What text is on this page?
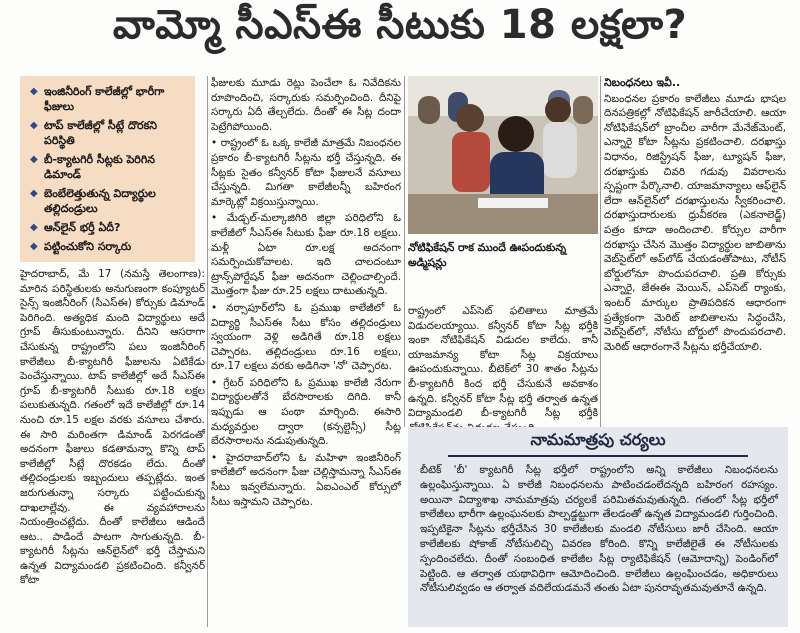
వామ్మో సీఎస్ఈ సీటుకు 18 లక్షలా?
◆ ఇంజినీరింగ్ కాలేజీల్లో భారీగా ఫీజులు
◆ టాప్ కాలేజీల్లో సీట్లే దొరకని పరిస్థితి
◆ బీ-క్యాటగిరీ సీట్లకు పెరిగిన డిమాండ్
◆ బెంబేలెత్తుతున్న విద్యార్థుల తల్లిదండ్రులు
◆ ఆన్‌లైన్ భర్తీ ఏదీ?
◆ పట్టించుకోని సర్కారు

హైదరాబాద్, మే 17 (నమస్తే తెలంగాణ): మారిన పరిస్థితులకు అనుగుణంగా కంప్యూటర్ సైన్స్ ఇంజినీరింగ్ (సీఎస్ఈ) కోర్సుకు డిమాండ్ పెరిగింది. అత్యధిక మంది విద్యార్థులు అదే గ్రూప్ తీసుకుంటున్నారు. దీనిని ఆసరాగా చేసుకున్న రాష్ట్రంలోని పలు ఇంజినీరింగ్ కాలేజీలు బీ-క్యాటగిరీ ఫీజులను ఏటికేడు పెంచేస్తున్నాయి. టాప్ కాలేజీల్లో అదే సీఎస్ఈ గ్రూప్ బీ-క్యాటగిరీ సీటుకు రూ.18 లక్షల పలుకుతున్నది. గతంలో ఇదే కాలేజీల్లో రూ.14 నుంచి రూ.15 లక్షల వరకు వసూలు చేశారు. ఈ సారి మరింతగా డిమాండ్ పెరగడంతో అదనంగా ఫీజులు కడతామన్నా కొన్ని టాప్ కాలేజీల్లో సీట్లే దొరకడం లేదు. దీంతో తల్లిదండ్రులకు ఇబ్బందులు తప్పట్లేదు. ఇంత జరుగుతున్నా సర్కారు పట్టించుకున్న దాఖలాల్లేవు. ఈ వ్యవహారాలను నియంత్రించట్లేదు. దీంతో కాలేజీలు ఆడిందే ఆట.. పాడిందే పాటగా సాగుతున్నది. బీ-క్యాటగిరీ సీట్లను ఆన్‌లైన్‌లో భర్తీ చేస్తామని ఉన్నత విద్యామండలి ప్రకటించింది. కన్వీనర్ కోటా

ఫీజులకు మూడు రెట్లు పెంచేలా ఓ నివేదికను రూపొందించి, సర్కారుకు సమర్పించింది. దీనిపై సర్కారు ఏదీ తేల్చలేదు. దీంతో ఈ సీట్ల దందా పెట్రేగిపోయింది.

• రాష్ట్రంలో ఓ ఒక్క కాలేజీ మాత్రమే నిబంధనల ప్రకారం బీ-క్యాటగిరీ సీట్లను భర్తీ చేస్తున్నది. ఈ సీట్లకు సైతం కన్వీనర్ కోటా ఫీజులనే వసూలు చేస్తున్నది. మిగతా కాలేజీలన్నీ బహిరంగ మార్కెట్లో విక్రయిస్తున్నాయి.

• మేడ్చల్-మల్కాజిగిరి జిల్లా పరిధిలోని ఓ కాలేజీలో సీఎస్ఈ సీటుకు ఫీజు రూ.18 లక్షలు. మళ్లీ ఏటా రూ.లక్ష అదనంగా సమర్పించుకోవాలట. ఇది చాలదంటూ ట్రాన్స్‌పోర్టేషన్ ఫీజు అదనంగా చెల్లించాల్సిందే. మొత్తంగా ఫీజు రూ.25 లక్షలు దాటుతున్నది.

• నర్సాపూర్‌లోని ఓ ప్రముఖ కాలేజీలో ఓ విద్యార్థి సీఎస్ఈ సీటు కోసం తల్లిదండ్రులు స్వయంగా వెళ్లి అడిగితే రూ.18 లక్షలు చెప్పారట. తల్లిదండ్రులు రూ.16 లక్షలు, రూ.17 లక్షలు వరకు అడిగినా 'నో' చెప్పారట.

• గ్రేటర్ పరిధిలోని ఓ ప్రముఖ కాలేజీ నేరుగా విద్యార్థులతోనే బేరసారాలకు దిగిది. కానీ ఇప్పుడు ఆ పంథా మార్చింది. ఈసారి మధ్యవర్తుల ద్వారా (కన్సల్టెన్సీ) సీట్ల బేరసారాలను నడుపుతున్నది.

• హైదరాబాద్‌లోని ఓ మహిళా ఇంజినీరింగ్ కాలేజీలో అదనంగా ఫీజు చెల్లిస్తామన్నా సీఎస్ఈ సీటు ఇవ్వలేమన్నారు. ఏఐఎంఎల్ కోర్సులో సీటు ఇస్తామని చెప్పారట.

నోటిఫికేషన్ రాక ముందే ఊపందుకున్న అడ్మిషన్లు

రాష్ట్రంలో ఎప్‌సెట్ ఫలితాలు మాత్రమే విడుదలయ్యాయి. కన్వీనర్ కోటా సీట్ల భర్తీకి ఇంకా నోటిఫికేషన్ విడుదల కాలేదు. కానీ యాజమాన్య కోటా సీట్ల విక్రయాలు ఊపందుకున్నాయి. బీటెక్‌లో 30 శాతం సీట్లను బీ-క్యాటగిరీ కింద భర్తీ చేసుకునే అవకాశం ఉన్నది. కన్వీనర్ కోటా సీట్ల భర్తీ తర్వాత ఉన్నత విద్యామండలి బీ-క్యాటగిరీ సీట్ల భర్తీకి

నిబంధనలు ఇవీ..

నిబంధనల ప్రకారం కాలేజీలు మూడు భాషల దినపత్రికల్లో నోటిఫికేషన్ జారీచేయాలి. ఆయా నోటిఫికేషన్‌లో బ్రాంచీల వారీగా మేనేజ్‌మెంట్, ఎన్నారై కోటా సీట్లను ప్రకటించాలి. దరఖాస్తు విధానం, రిజిస్ట్రేషన్ ఫీజు, ట్యూషన్ ఫీజు, దరఖాస్తుకు చివరి గడువు వివరాలను స్పష్టంగా పేర్కొనాలి. యాజమాన్యాలు ఆఫ్‌లైన్ లేదా ఆన్‌లైన్‌లో దరఖాస్తులను స్వీకరించాలి. దరఖాస్తుదారులకు ధ్రువీకరణ (ఎకనాలెడ్జ్) పత్రం కూడా అందించాలి. కోర్సుల వారీగా దరఖాస్తు చేసిన మొత్తం విద్యార్థుల జాబితాను వెబ్‌సైట్‌లో అప్‌లోడ్ చేయడంతోపాటు, నోటీస్ బోర్డులోనూ పొందుపరచాలి. ప్రతి కోర్సుకు ఎన్నారై, జేఈఈ మెయిన్, ఎప్‌సెట్ ర్యాంకు, ఇంటర్ మార్కుల ప్రాతిపదికన ఆధారంగా ప్రత్యేకంగా మెరిట్ జాబితాలను సిద్ధంచేసి, వెబ్‌సైట్‌లో, నోటీసు బోర్డులో పొందుపరచాలి. మెరిట్ ఆధారంగానే సీట్లను భర్తీచేయాలి.

నామమాత్రపు చర్యలు
బీటెక్ 'బీ' క్యాటగిరీ సీట్ల భర్తీలో రాష్ట్రంలోని అన్ని కాలేజీలు నిబంధనలను ఉల్లంఘిస్తున్నాయి. ఏ కాలేజీ నిబంధనలను పాటించడంలేదన్నది బహిరంగ రహస్యం. అయినా విద్యాశాఖ నామమాత్రపు చర్యలకే పరిమితమవుతున్నది. గతంలో సీట్ల భర్తీలో కాలేజీలు భారీగా ఉల్లంఘనలకు పాల్పడ్డట్టుగా తేలడంతో ఉన్నత విద్యామండలి గుర్తించింది. ఇప్పటికైనా సీట్లను భర్తీచేసిన 30 కాలేజీలకు మండలి నోటీసులు జారీ చేసింది. ఆయా కాలేజీలకు షోకాజ్ నోటీసులిచ్చి వివరణ కోరింది. కొన్ని కాలేజీలైతే ఈ నోటీసులకు స్పందించలేదు. దీంతో సంబంధిత కాలేజీల సీట్ల ర్యాటిఫికేషన్ (ఆమోదాన్ని) పెండింగ్‌లో పెట్టింది. ఆ తర్వాత యథావిధిగా ఆమోదించింది. కాలేజీలు ఉల్లంఘించడం, అధికారులు నోటీసులివ్వడం ఆ తర్వాత వదిలేయడమనే తంతు ఏటా పునరావృతమవుతూనే ఉన్నది.
